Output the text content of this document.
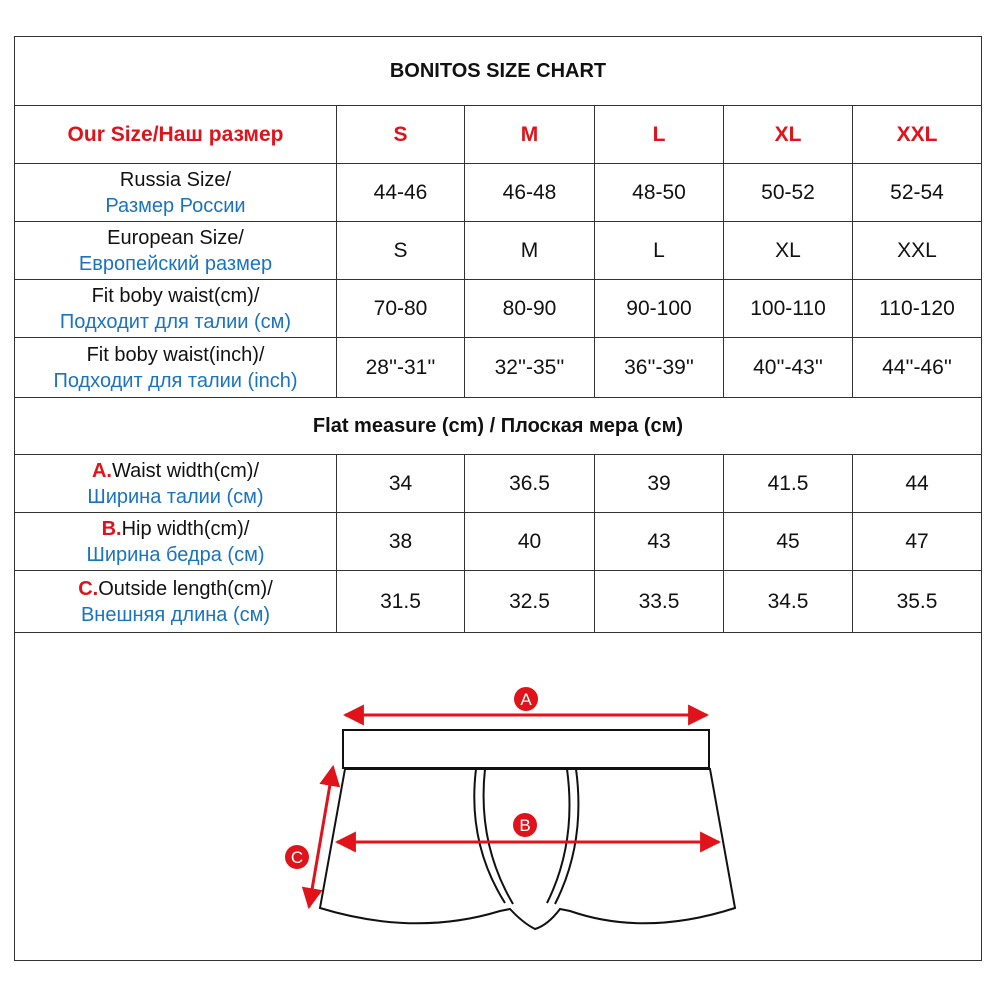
BONITOS SIZE CHART
Our Size/Наш размер	S	M	L	XL	XXL
Russia Size/
Размер России
44-46	46-48	48-50	50-52	52-54
European Size/
Европейский размер
S	M	L	XL	XXL
Fit boby waist(cm)/
Подходит для талии (см)
70-80	80-90	90-100	100-110	110-120
Fit boby waist(inch)/
Подходит для талии (inch)
28''-31''	32''-35''	36''-39''	40''-43''	44''-46''
Flat measure (cm) / Плоская мера (см)
A.Waist width(cm)/
Ширина талии (см)
34	36.5	39	41.5	44
B.Hip width(cm)/
Ширина бедра (см)
38	40	43	45	47
C.Outside length(cm)/
Внешняя длина (см)
31.5	32.5	33.5	34.5	35.5
A
B
C
